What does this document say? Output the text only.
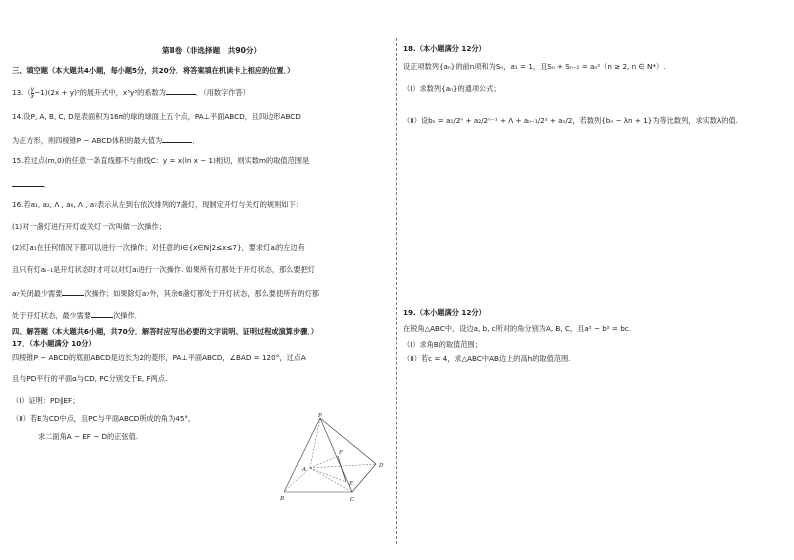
第Ⅱ卷（非选择题　共90分）
三、填空题（本大题共4小题，每小题5分，共20分．将答案填在机读卡上相应的位置．）
$13.( \frac{y}{x} -1)(2x + y)^5$的展开式中，x³y³的系数为	．（用数字作答）
14.设P, A, B, C, D是表面积为16π的球的球面上五个点，PA⊥平面ABCD，且四边形ABCD
为正方形，则四棱锥P − ABCD体积的最大值为	．
15.若过点(m,0)的任意一条直线都不与曲线C：y = x(ln x − 1)相切，则实数m的取值范围是
．
16.若a₁, a₂, Λ , a₆, Λ , a₇表示从左到右依次排列的7盏灯，现制定开灯与关灯的规则如下：
(1)对一盏灯进行开灯或关灯一次叫做一次操作；
(2)灯a₁在任何情况下都可以进行一次操作；对任意的i∈{x∈N|2≤x≤7}，要求灯aᵢ的左边有
且只有灯aᵢ₋₁是开灯状态时才可以对灯aᵢ进行一次操作. 如果所有灯都处于开灯状态，那么要把灯
a₇关闭最少需要	次操作；如果除灯a₇外，其余6盏灯都处于开灯状态，那么要使所有的灯都
处于开灯状态，最少需要	次操作．
四、解答题（本大题共6小题，共70分．解答时应写出必要的文字说明、证明过程或演算步骤．）
17．（本小题满分 10分）
四棱锥P − ABCD的底面ABCD是边长为2的菱形，PA⊥平面ABCD，∠BAD = 120°，过点A
且与PD平行的平面α与CD, PC分别交于E, F两点.
（Ⅰ）证明：PD∥EF；
（Ⅱ）若E为CD中点，且PC与平面ABCD所成的角为45°，
求二面角A − EF − D的正弦值.
P
A
B	C
D
E
F
18.（本小题满分 12分）
设正项数列{aₙ}的前n项和为Sₙ，a₁ = 1，且Sₙ + Sₙ₋₁ = aₙ²（n ≥ 2, n ∈ N*）.
（Ⅰ）求数列{aₙ}的通项公式；
（Ⅱ）设bₙ = a₁/2ⁿ + a₂/2ⁿ⁻¹ + Λ + aₙ₋₁/2² + aₙ/2，若数列{bₙ − λn + 1}为等比数列，求实数λ的值.
19.（本小题满分 12分）
在锐角△ABC中，设边a, b, c所对的角分别为A, B, C，且a² − b² = bc.
（Ⅰ）求角B的取值范围；
（Ⅱ）若c = 4，求△ABC中AB边上的高h的取值范围.
